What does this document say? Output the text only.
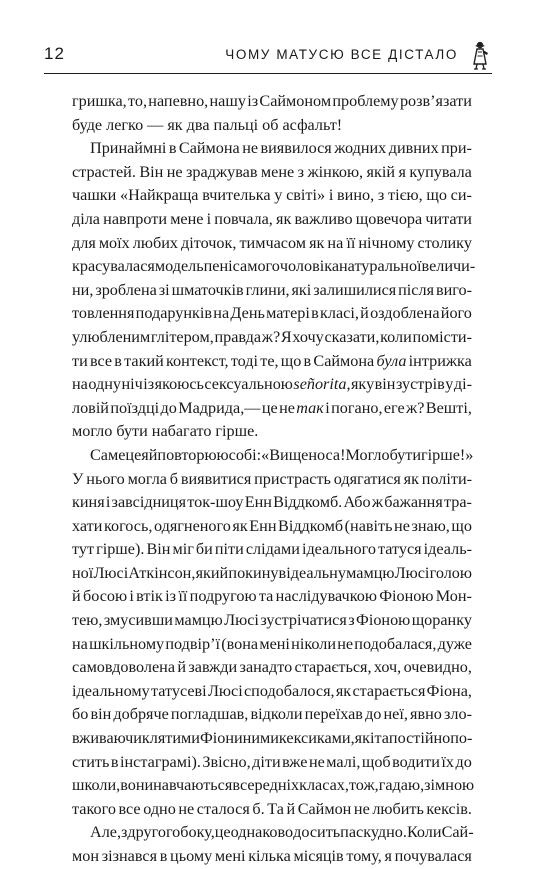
12	ЧОМУ МАТУСЮ ВСЕ ДІСТАЛО
гришка, то, напевно, нашу із Саймоном проблему розв’язати
буде легко — як два пальці об асфальт!
Принаймні в Саймона не виявилося жодних дивних при-
страстей. Він не зраджував мене з жінкою, якій я купувала
чашки «Найкраща вчителька у світі» і вино, з тією, що си-
діла навпроти мене і повчала, як важливо щовечора читати
для моїх любих діточок, тимчасом як на її нічному столику
красувалася модель пеніса мого чоловіка натуральної величи-
ни, зроблена зі шматочків глини, які залишилися після виго-
товлення подарунків на День матері в класі, й оздоблена його
улюбленим глітером, правда ж? Я хочу сказати, коли помісти-
ти все в такий контекст, тоді те, що в Саймона була інтрижка
на одну ніч із якоюсь сексуальною señorita, яку він зустрів у ді-
ловій поїздці до Мадрида,— це не так і погано, еге ж? Вешті,
могло бути набагато гірше.
Саме це я й повторюю собі: «Вище носа! Могло бути гірше!»
У нього могла б виявитися пристрасть одягатися як політи-
киня і завсідниця ток-шоу Енн Віддкомб. Або ж бажання тра-
хати когось, одягненого як Енн Віддкомб (навіть не знаю, що
тут гірше). Він міг би піти слідами ідеального татуся ідеаль-
ної Люсі Аткінсон, який покинув ідеальну мамцю Люсі голою
й босою і втік із її подругою та наслідувачкою Фіоною Мон-
тею, змусивши мамцю Люсі зустрічатися з Фіоною щоранку
на шкільному подвір’ї (вона мені ніколи не подобалася, дуже
самовдоволена й завжди занадто старається, хоч, очевидно,
ідеальному татусеві Люсі сподобалося, як старається Фіона,
бо він добряче погладшав, відколи переїхав до неї, явно зло-
вживаючи клятими Фіониними кексиками, які та постійно по-
стить в інстаграмі). Звісно, діти вже не малі, щоб водити їх до
школи, вони навчаються в середніх класах, тож, гадаю, зі мною
такого все одно не сталося б. Та й Саймон не любить кексів.
Але, з другого боку, це однаково досить паскудно. Коли Сай-
мон зізнався в цьому мені кілька місяців тому, я почувалася
